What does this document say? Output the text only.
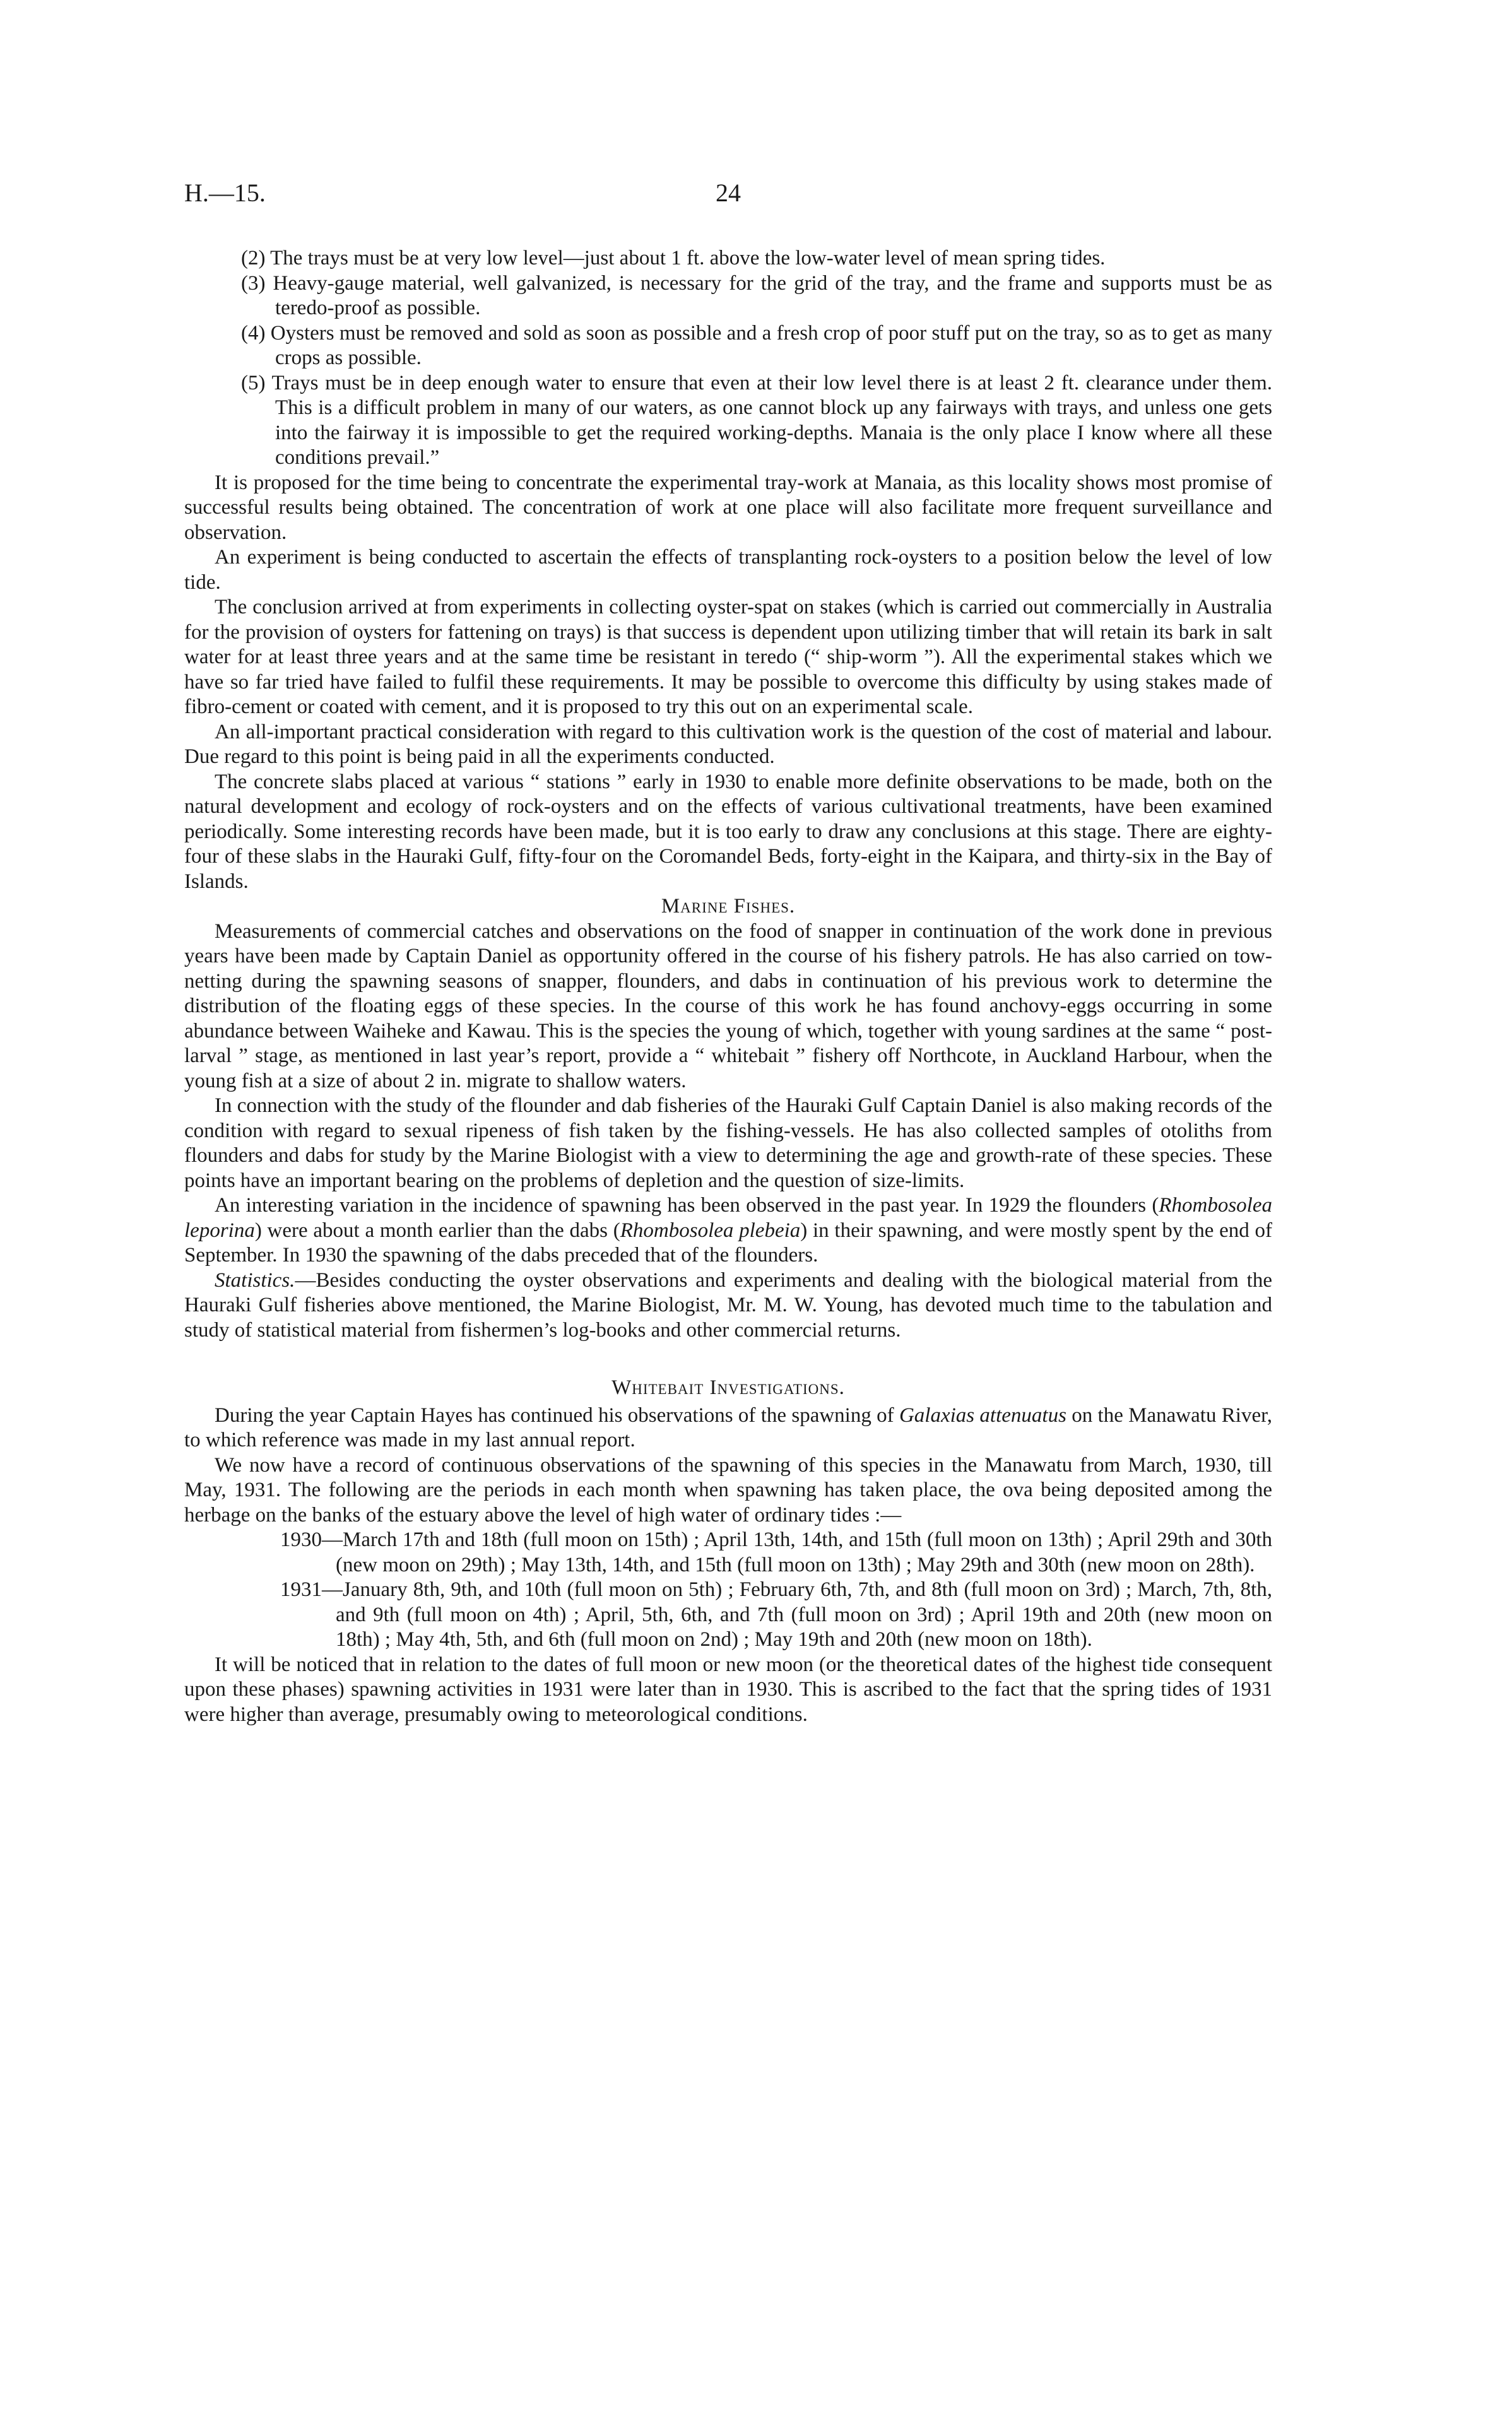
H.—15.	24

(2) The trays must be at very low level—just about 1 ft. above the low-water level of mean spring tides.

(3) Heavy-gauge material, well galvanized, is necessary for the grid of the tray, and the frame and supports must be as teredo-proof as possible.

(4) Oysters must be removed and sold as soon as possible and a fresh crop of poor stuff put on the tray, so as to get as many crops as possible.

(5) Trays must be in deep enough water to ensure that even at their low level there is at least 2 ft. clearance under them. This is a difficult problem in many of our waters, as one cannot block up any fairways with trays, and unless one gets into the fairway it is impossible to get the required working-depths. Manaia is the only place I know where all these conditions prevail.”

It is proposed for the time being to concentrate the experimental tray-work at Manaia, as this locality shows most promise of successful results being obtained. The concentration of work at one place will also facilitate more frequent surveillance and observation.

An experiment is being conducted to ascertain the effects of transplanting rock-oysters to a position below the level of low tide.

The conclusion arrived at from experiments in collecting oyster-spat on stakes (which is carried out commercially in Australia for the provision of oysters for fattening on trays) is that success is dependent upon utilizing timber that will retain its bark in salt water for at least three years and at the same time be resistant in teredo (“ ship-worm ”). All the experimental stakes which we have so far tried have failed to fulfil these requirements. It may be possible to overcome this difficulty by using stakes made of fibro-cement or coated with cement, and it is proposed to try this out on an experimental scale.

An all-important practical consideration with regard to this cultivation work is the question of the cost of material and labour. Due regard to this point is being paid in all the experiments conducted.

The concrete slabs placed at various “ stations ” early in 1930 to enable more definite observations to be made, both on the natural development and ecology of rock-oysters and on the effects of various cultivational treatments, have been examined periodically. Some interesting records have been made, but it is too early to draw any conclusions at this stage. There are eighty-four of these slabs in the Hauraki Gulf, fifty-four on the Coromandel Beds, forty-eight in the Kaipara, and thirty-six in the Bay of Islands.

Marine Fishes.

Measurements of commercial catches and observations on the food of snapper in continuation of the work done in previous years have been made by Captain Daniel as opportunity offered in the course of his fishery patrols. He has also carried on tow-netting during the spawning seasons of snapper, flounders, and dabs in continuation of his previous work to determine the distribution of the floating eggs of these species. In the course of this work he has found anchovy-eggs occurring in some abundance between Waiheke and Kawau. This is the species the young of which, together with young sardines at the same “ post-larval ” stage, as mentioned in last year’s report, provide a “ whitebait ” fishery off Northcote, in Auckland Harbour, when the young fish at a size of about 2 in. migrate to shallow waters.

In connection with the study of the flounder and dab fisheries of the Hauraki Gulf Captain Daniel is also making records of the condition with regard to sexual ripeness of fish taken by the fishing-vessels. He has also collected samples of otoliths from flounders and dabs for study by the Marine Biologist with a view to determining the age and growth-rate of these species. These points have an important bearing on the problems of depletion and the question of size-limits.

An interesting variation in the incidence of spawning has been observed in the past year. In 1929 the flounders (Rhombosolea leporina) were about a month earlier than the dabs (Rhombosolea plebeia) in their spawning, and were mostly spent by the end of September. In 1930 the spawning of the dabs preceded that of the flounders.

Statistics.—Besides conducting the oyster observations and experiments and dealing with the biological material from the Hauraki Gulf fisheries above mentioned, the Marine Biologist, Mr. M. W. Young, has devoted much time to the tabulation and study of statistical material from fishermen’s log-books and other commercial returns.

Whitebait Investigations.

During the year Captain Hayes has continued his observations of the spawning of Galaxias attenuatus on the Manawatu River, to which reference was made in my last annual report.

We now have a record of continuous observations of the spawning of this species in the Manawatu from March, 1930, till May, 1931. The following are the periods in each month when spawning has taken place, the ova being deposited among the herbage on the banks of the estuary above the level of high water of ordinary tides :—

1930—March 17th and 18th (full moon on 15th) ; April 13th, 14th, and 15th (full moon on 13th) ; April 29th and 30th (new moon on 29th) ; May 13th, 14th, and 15th (full moon on 13th) ; May 29th and 30th (new moon on 28th).

1931—January 8th, 9th, and 10th (full moon on 5th) ; February 6th, 7th, and 8th (full moon on 3rd) ; March, 7th, 8th, and 9th (full moon on 4th) ; April, 5th, 6th, and 7th (full moon on 3rd) ; April 19th and 20th (new moon on 18th) ; May 4th, 5th, and 6th (full moon on 2nd) ; May 19th and 20th (new moon on 18th).

It will be noticed that in relation to the dates of full moon or new moon (or the theoretical dates of the highest tide consequent upon these phases) spawning activities in 1931 were later than in 1930. This is ascribed to the fact that the spring tides of 1931 were higher than average, presumably owing to meteorological conditions.
